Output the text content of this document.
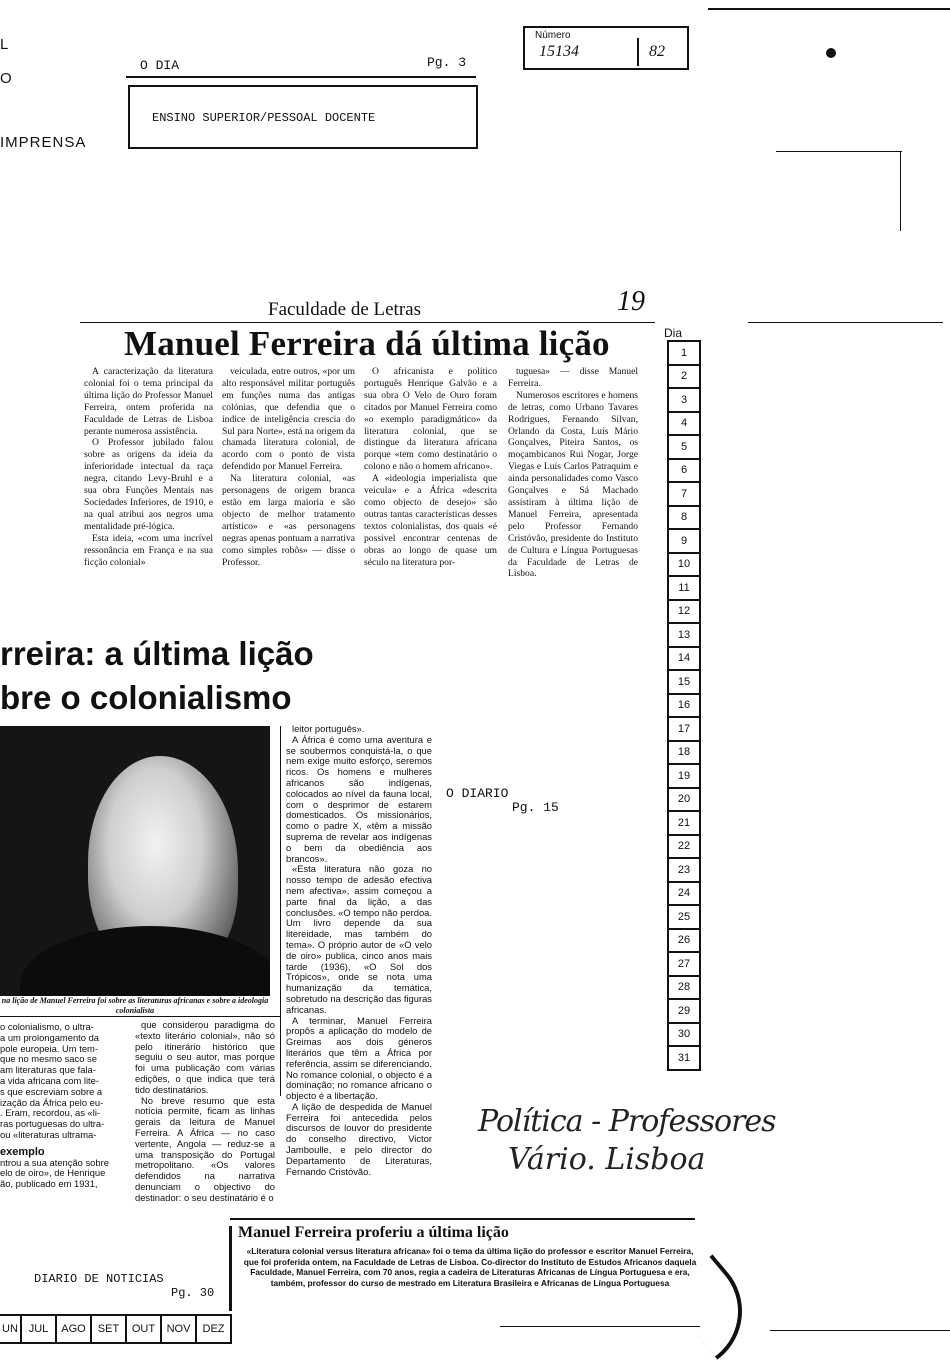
L
O
IMPRENSA
O DIA	Pg. 3
Número
15134	82
ENSINO SUPERIOR/PESSOAL DOCENTE
Faculdade de Letras	19
Manuel Ferreira dá última lição

A caracterização da literatura colonial foi o tema principal da última lição do Professor Manuel Ferreira, ontem proferida na Faculdade de Letras de Lisboa perante numerosa assistência.

O Professor jubilado falou sobre as origens da ideia da inferioridade intectual da raça negra, citando Levy-Bruhl e a sua obra Funções Mentais nas Sociedades Inferiores, de 1910, e na qual atribui aos negros uma mentalidade pré-lógica.

Esta ideia, «com uma incrível ressonância em França e na sua ficção colonial»

veiculada, entre outros, «por um alto responsável militar português em funções numa das antigas colónias, que defendia que o índice de inteligência crescia do Sul para Norte», está na origem da chamada literatura colonial, de acordo com o ponto de vista defendido por Manuel Ferreira.

Na literatura colonial, «as personagens de origem branca estão em larga maioria e são objecto de melhor tratamento artístico» e «as personagens negras apenas pontuam a narrativa como simples robôs» — disse o Professor.

O africanista e político português Henrique Galvão e a sua obra O Velo de Ouro foram citados por Manuel Ferreira como «o exemplo paradigmático» da literatura colonial, que se distingue da literatura africana porque «tem como destinatário o colono e não o homem africano».

A «ideologia imperialista que veicula» e a África «descrita como objecto de desejo» são outras tantas características desses textos colonialistas, dos quais «é possível encontrar centenas de obras ao longo de quase um século na literatura por-

tuguesa» — disse Manuel Ferreira.

Numerosos escritores e homens de letras, como Urbano Tavares Rodrigues, Fernando Silvan, Orlando da Costa, Luís Mário Gonçalves, Piteira Santos, os moçambicanos Rui Nogar, Jorge Viegas e Luís Carlos Patraquim e ainda personalidades como Vasco Gonçalves e Sá Machado assistiram à última lição de Manuel Ferreira, apresentada pelo Professor Fernando Cristóvão, presidente do Instituto de Cultura e Língua Portuguesas da Faculdade de Letras de Lisboa.

Dia
1
2
3
4
5
6
7
8
9
10
11
12
13
14
15
16
17
18
19
20
21
22
23
24
25
26
27
28
29
30
31
rreira: a última lição
bre o colonialismo
na lição de Manuel Ferreira foi sobre as literaturas africanas e sobre a ideologia colonialista
o colonialismo, o ultra-
a um prolongamento da
pole europeia. Um tem-
que no mesmo saco se
am literaturas que fala-
a vida africana com lite-
s que escreviam sobre a
ização da África pelo eu-
. Eram, recordou, as «li-
ras portuguesas do ultra-
ou «literaturas ultrama-

exemplo

ntrou a sua atenção sobre
elo de oiro», de Henrique
ão, publicado em 1931,

que considerou paradigma do «texto literário colonial», não só pelo itinerário histórico que seguiu o seu autor, mas porque foi uma publicação com várias edições, o que indica que terá tido destinatários.

No breve resumo que esta notícia permite, ficam as linhas gerais da leitura de Manuel Ferreira. A África — no caso vertente, Angola — reduz-se a uma transposição do Portugal metropolitano. «Os valores defendidos na narrativa denunciam o objectivo do destinador: o seu destinatário é o

leitor português».

A África é como uma aventura e se soubermos conquistá-la, o que nem exige muito esforço, seremos ricos. Os homens e mulheres africanos são indígenas, colocados ao nível da fauna local, com o desprimor de estarem domesticados. Os missionários, como o padre X, «têm a missão suprema de revelar aos indígenas o bem da obediência aos brancos».

«Esta literatura não goza no nosso tempo de adesão efectiva nem afectiva», assim começou a parte final da lição, a das conclusões. «O tempo não perdoa. Um livro depende da sua litereidade, mas também do tema». O próprio autor de «O velo de oiro» publica, cinco anos mais tarde (1936), «O Sol dos Trópicos», onde se nota uma humanização da temática, sobretudo na descrição das figuras africanas.

A terminar, Manuel Ferreira propôs a aplicação do modelo de Greimas aos dois géneros literários que têm a África por referência, assim se diferenciando. No romance colonial, o objecto é a dominação; no romance africano o objecto é a libertação.

A lição de despedida de Manuel Ferreira foi antecedida pelos discursos de louvor do presidente do conselho directivo, Victor Jamboulle, e pelo director do Departamento de Literaturas, Fernando Cristóvão.

O DIARIO
Pg. 15
Política - Professores
Vário. Lisboa
Manuel Ferreira proferiu a última lição
«Literatura colonial versus literatura africana» foi o tema da última lição do professor e escritor Manuel Ferreira, que foi proferida ontem, na Faculdade de Letras de Lisboa. Co-director do Instituto de Estudos Africanos daquela Faculdade, Manuel Ferreira, com 70 anos, regia a cadeira de Literaturas Africanas de Língua Portuguesa e era, também, professor do curso de mestrado em Literatura Brasileira e Africanas de Língua Portuguesa
DIARIO DE NOTICIAS
Pg. 30
UN JUL	AGO	SET	OUT	NOV	DEZ
